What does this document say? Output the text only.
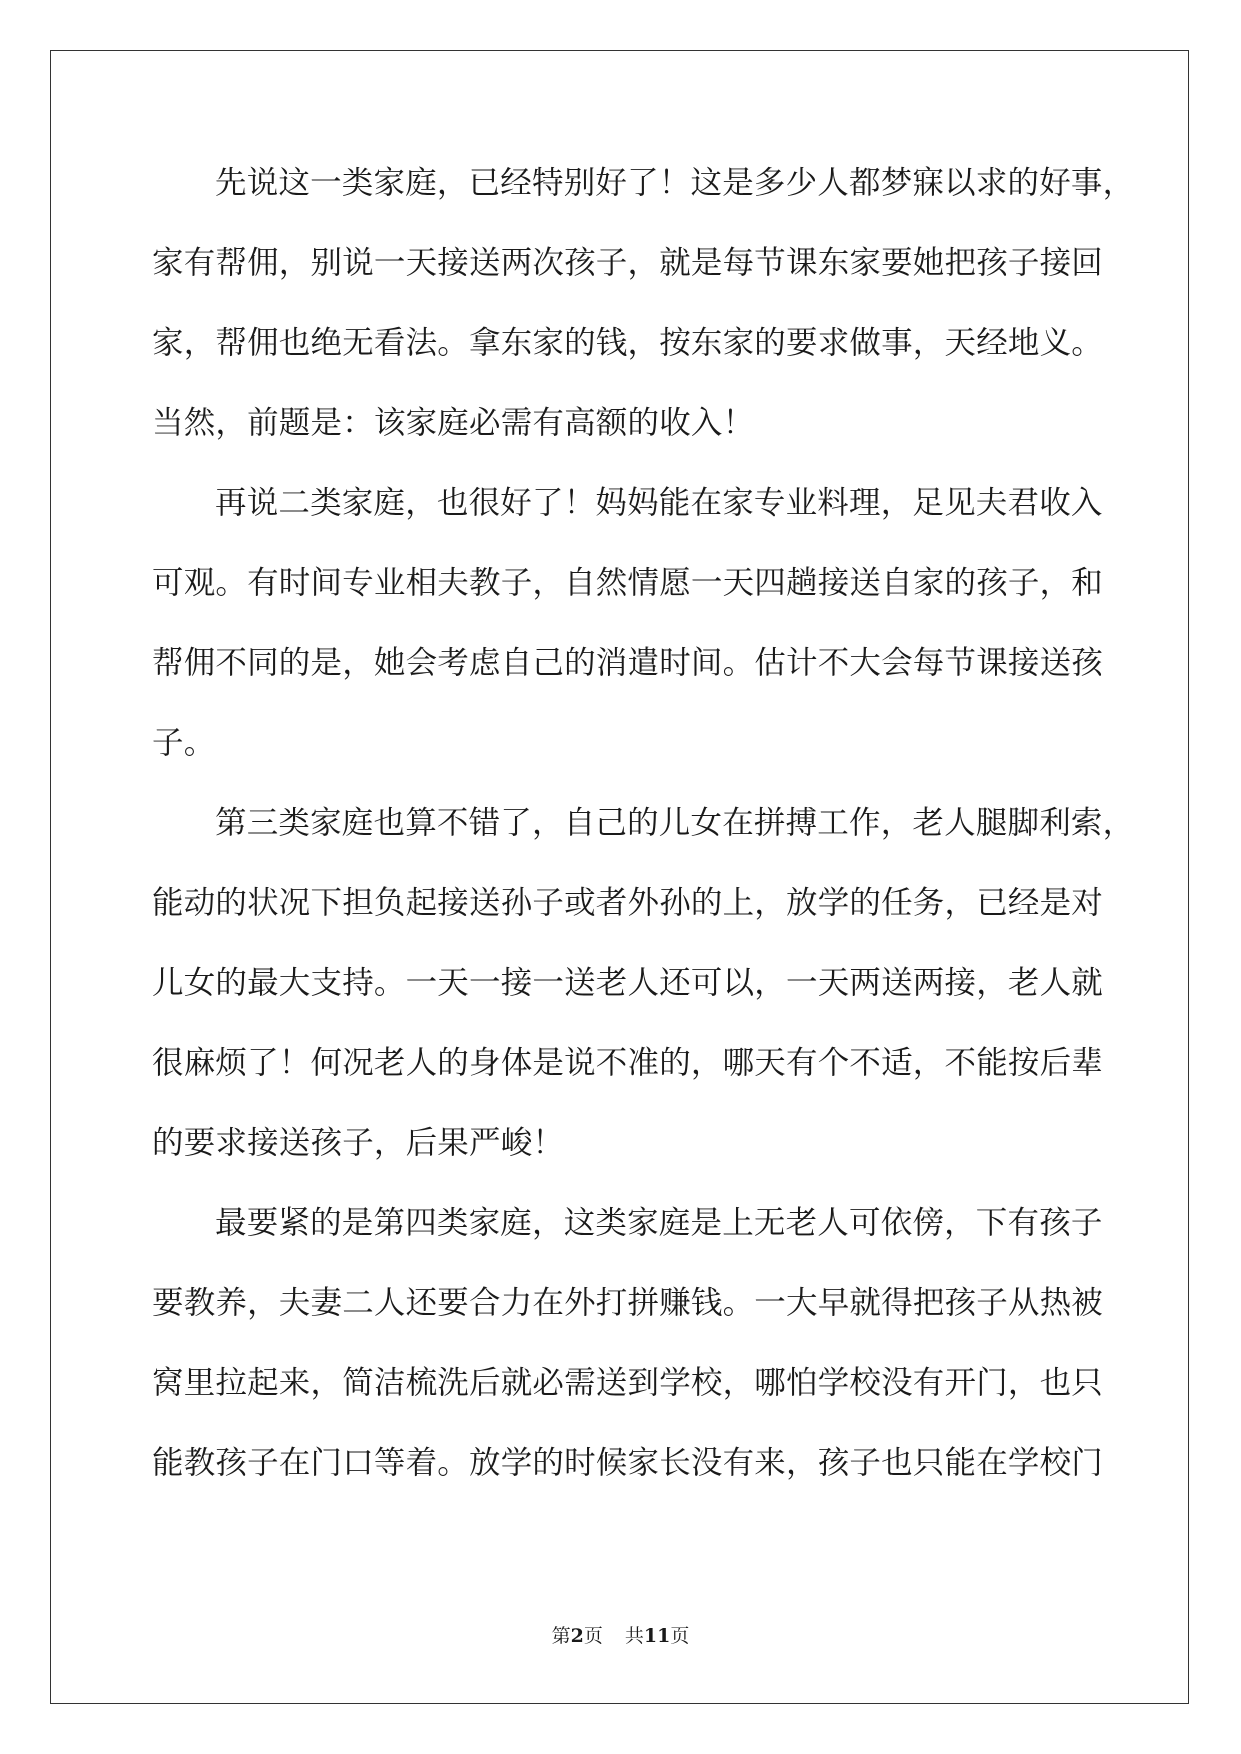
先说这一类家庭，已经特别好了！这是多少人都梦寐以求的好事，
家有帮佣，别说一天接送两次孩子，就是每节课东家要她把孩子接回
家，帮佣也绝无看法。拿东家的钱，按东家的要求做事，天经地义。
当然，前题是：该家庭必需有高额的收入！
再说二类家庭，也很好了！妈妈能在家专业料理，足见夫君收入
可观。有时间专业相夫教子，自然情愿一天四趟接送自家的孩子，和
帮佣不同的是，她会考虑自己的消遣时间。估计不大会每节课接送孩
子。
第三类家庭也算不错了，自己的儿女在拼搏工作，老人腿脚利索，
能动的状况下担负起接送孙子或者外孙的上，放学的任务，已经是对
儿女的最大支持。一天一接一送老人还可以，一天两送两接，老人就
很麻烦了！何况老人的身体是说不准的，哪天有个不适，不能按后辈
的要求接送孩子，后果严峻！
最要紧的是第四类家庭，这类家庭是上无老人可依傍，下有孩子
要教养，夫妻二人还要合力在外打拼赚钱。一大早就得把孩子从热被
窝里拉起来，简洁梳洗后就必需送到学校，哪怕学校没有开门，也只
能教孩子在门口等着。放学的时候家长没有来，孩子也只能在学校门
第2页 共11页
